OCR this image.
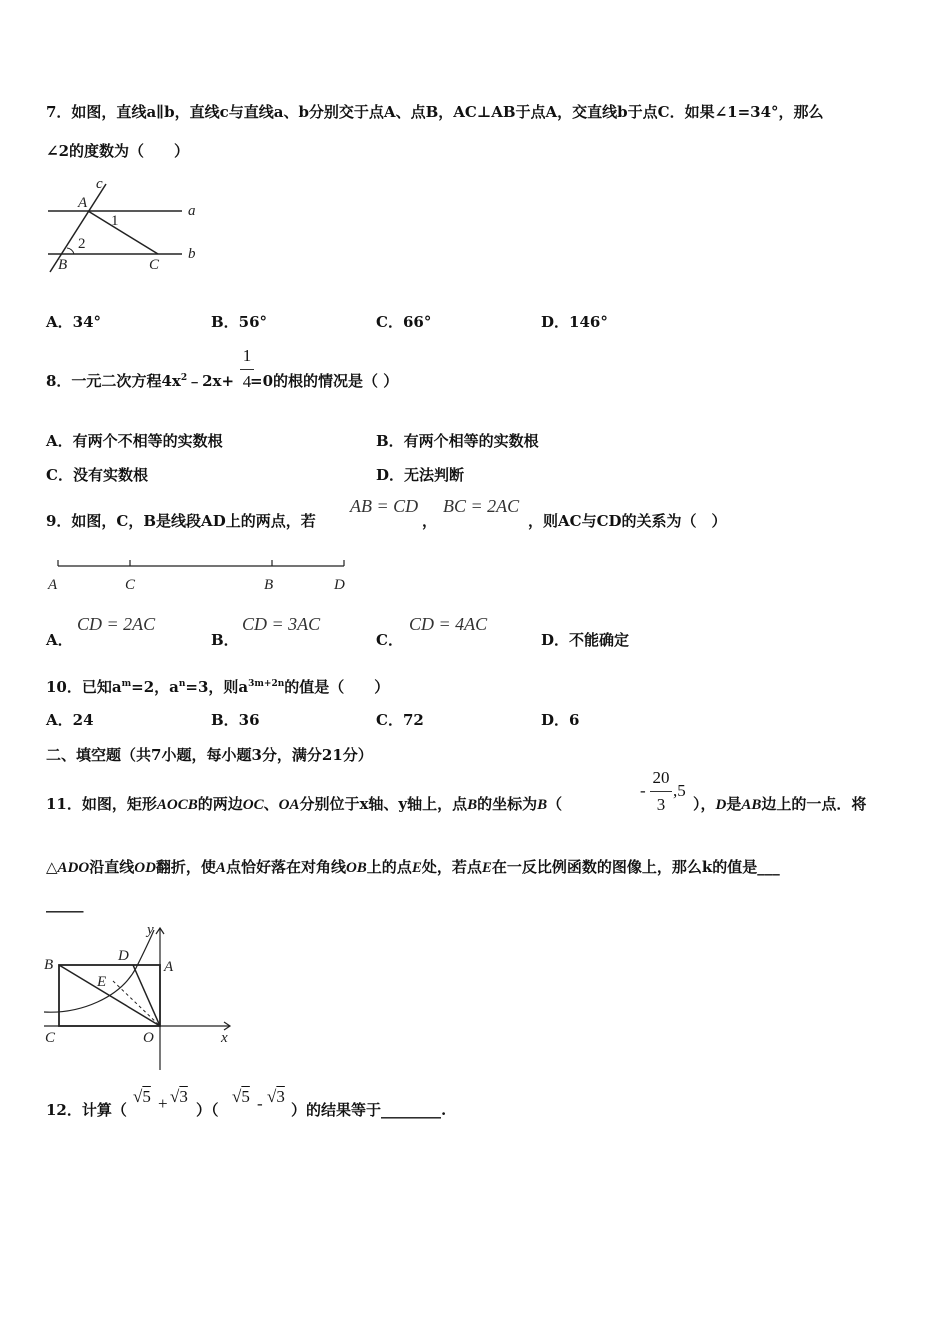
7．如图，直线a∥b，直线c与直线a、b分别交于点A、点B，AC⊥AB于点A，交直线b于点C．如果∠1=34°，那么
∠2的度数为（　　）
c
A
1
a
2
B	C
b
A．34°	B．56°	C．66°	D．146°
8．一元二次方程$4x^2﹣2x+ =0$的根的情况是（ ）
1
4
A．有两个不相等的实数根	B．有两个相等的实数根
C．没有实数根	D．无法判断
9．如图，C，B是线段AD上的两点，若
AB = CD
，
BC = 2AC
，则AC与CD的关系为（　）
A	C	B	D
A．
CD = 2AC
B．
CD = 3AC
C．
CD = 4AC
D．不能确定
10．已知$a^m=2$，$a^n=3$，则$a^{3m+2n}$的值是（　　）
A．24	B．36	C．72	D．6
二、填空题（共7小题，每小题3分，满分21分）
11．如图，矩形AOCB的两边OC、OA分别位于x轴、y轴上，点B的坐标为B（
-
20
3
,5
），D是AB边上的一点．将
△ADO沿直线OD翻折，使A点恰好落在对角线OB上的点E处，若点E在一反比例函数的图像上，那么k的值是___
_____
y
D
B	A
E
C	O	x
12．计算（
√5 + √3
）（
√5 - √3
）的结果等于________.
